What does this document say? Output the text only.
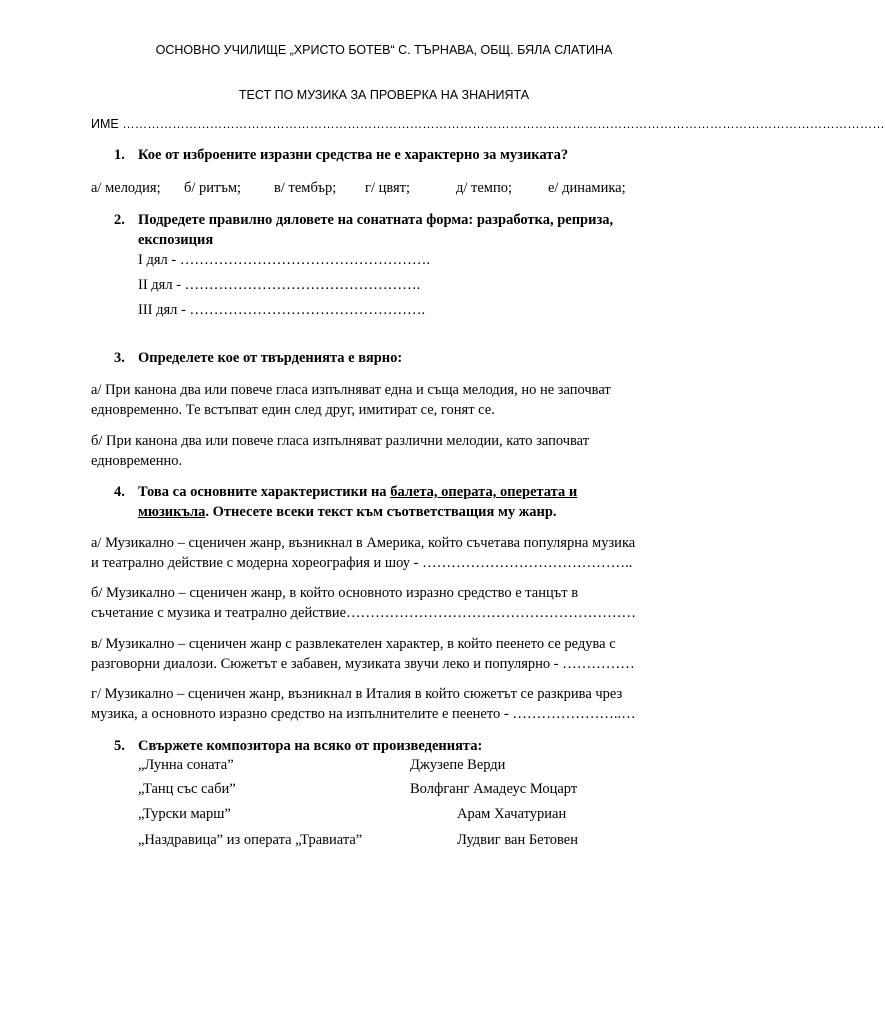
ОСНОВНО УЧИЛИЩЕ „ХРИСТО БОТЕВ“ С. ТЪРНАВА, ОБЩ. БЯЛА СЛАТИНА
ТЕСТ ПО МУЗИКА ЗА ПРОВЕРКА НА ЗНАНИЯТА
ИМЕ …………………………………………………………………………………………………………………………………………………………………
1. Кое от изброените изразни средства не е характерно за музиката?
а/ мелодия; б/ ритъм; в/ тембър; г/ цвят;	д/ темпо; е/ динамика;
2. Подредете правилно дяловете на сонатната форма: разработка, реприза,
експозиция
I дял - …………………………………………….
II дял - ………………………………………….
III дял - ………………………………………….
3. Определете кое от твърденията е вярно:
а/ При канона два или повече гласа изпълняват една и съща мелодия, но не започват
едновременно. Те встъпват един след друг, имитират се, гонят се.
б/ При канона два или повече гласа изпълняват различни мелодии, като започват
едновременно.
4. Това са основните характеристики на балета, операта, оперетата и
мюзикъла. Отнесете всеки текст към съответстващия му жанр.
а/ Музикално – сценичен жанр, възникнал в Америка, който съчетава популярна музика
и театрално действие с модерна хореография и шоу - ……………………………………..
б/ Музикално – сценичен жанр, в който основното изразно средство е танцът в
съчетание с музика и театрално действие……………………………………………………
в/ Музикално – сценичен жанр с развлекателен характер, в който пеенето се редува с
разговорни диалози. Сюжетът е забавен, музиката звучи леко и популярно - ……………
г/ Музикално – сценичен жанр, възникнал в Италия в който сюжетът се разкрива чрез
музика, а основното изразно средство на изпълнителите е пеенето - …………………..…
5. Свържете композитора на всяко от произведенията:
„Лунна соната”
„Танц със саби”
„Турски марш”
„Наздравица” из операта „Травиата”
Джузепе Верди
Волфганг Амадеус Моцарт
Арам Хачатуриан
Лудвиг ван Бетовен
